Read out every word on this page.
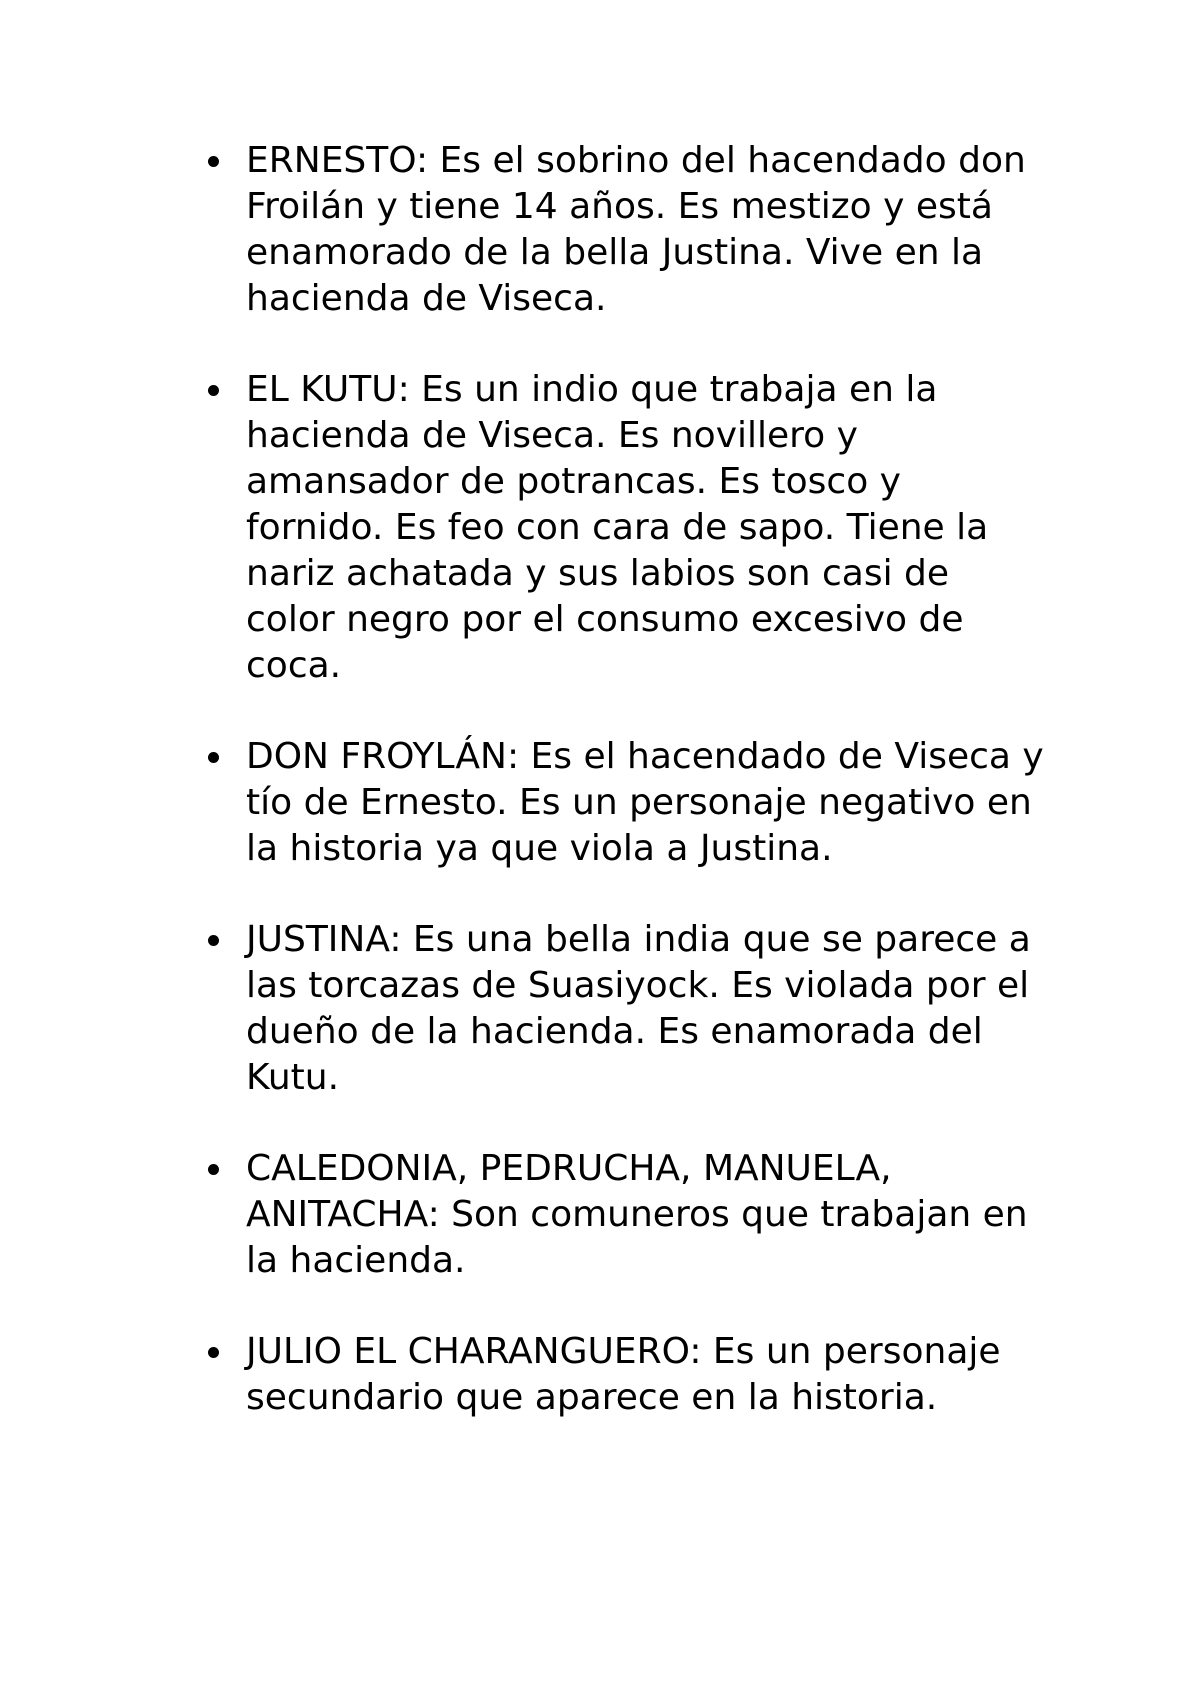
ERNESTO: Es el sobrino del hacendado don Froilán y tiene 14 años. Es mestizo y está enamorado de la bella Justina. Vive en la hacienda de Viseca.
EL KUTU: Es un indio que trabaja en la hacienda de Viseca. Es novillero y amansador de potrancas. Es tosco y fornido. Es feo con cara de sapo. Tiene la nariz achatada y sus labios son casi de color negro por el consumo excesivo de coca.
DON FROYLÁN: Es el hacendado de Viseca y tío de Ernesto. Es un personaje negativo en la historia ya que viola a Justina.
JUSTINA: Es una bella india que se parece a las torcazas de Suasiyock. Es violada por el dueño de la hacienda. Es enamorada del Kutu.
CALEDONIA, PEDRUCHA, MANUELA, ANITACHA: Son comuneros que trabajan en la hacienda.
JULIO EL CHARANGUERO: Es un personaje secundario que aparece en la historia.
